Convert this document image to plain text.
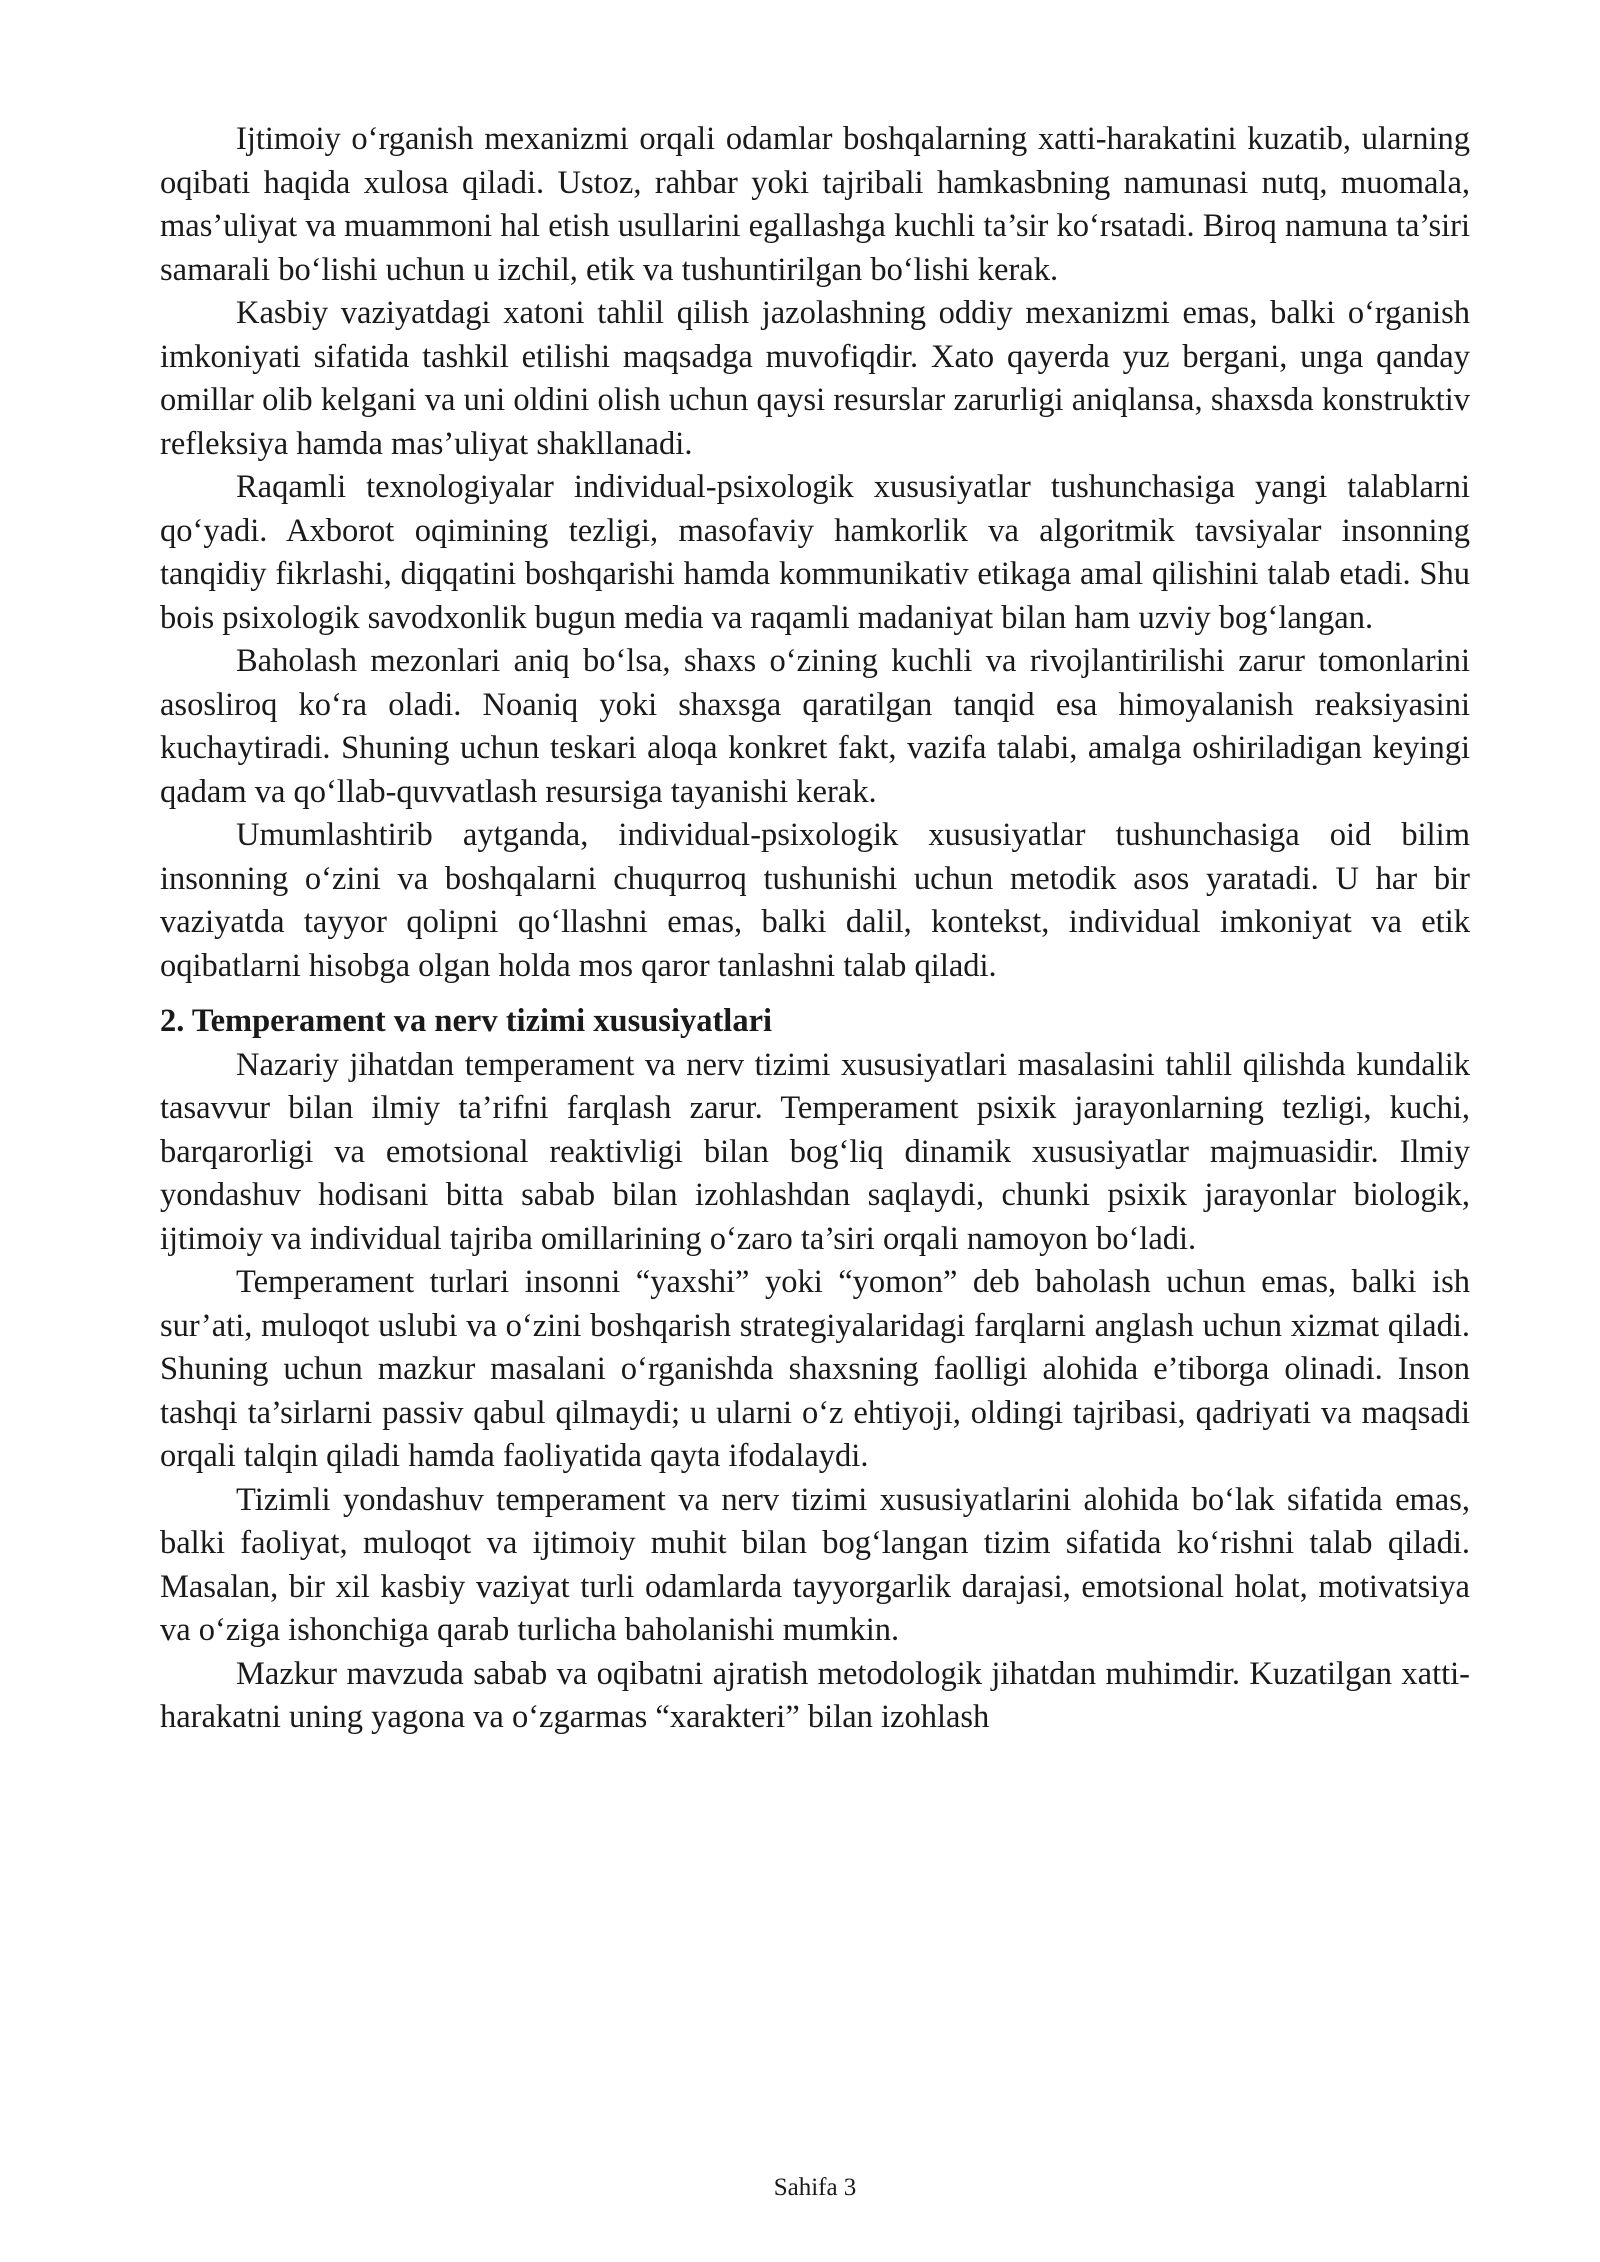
Ijtimoiy o‘rganish mexanizmi orqali odamlar boshqalarning xatti-harakatini kuzatib, ularning oqibati haqida xulosa qiladi. Ustoz, rahbar yoki tajribali hamkasbning namunasi nutq, muomala, mas’uliyat va muammoni hal etish usullarini egallashga kuchli ta’sir ko‘rsatadi. Biroq namuna ta’siri samarali bo‘lishi uchun u izchil, etik va tushuntirilgan bo‘lishi kerak.

Kasbiy vaziyatdagi xatoni tahlil qilish jazolashning oddiy mexanizmi emas, balki o‘rganish imkoniyati sifatida tashkil etilishi maqsadga muvofiqdir. Xato qayerda yuz bergani, unga qanday omillar olib kelgani va uni oldini olish uchun qaysi resurslar zarurligi aniqlansa, shaxsda konstruktiv refleksiya hamda mas’uliyat shakllanadi.

Raqamli texnologiyalar individual-psixologik xususiyatlar tushunchasiga yangi talablarni qo‘yadi. Axborot oqimining tezligi, masofaviy hamkorlik va algoritmik tavsiyalar insonning tanqidiy fikrlashi, diqqatini boshqarishi hamda kommunikativ etikaga amal qilishini talab etadi. Shu bois psixologik savodxonlik bugun media va raqamli madaniyat bilan ham uzviy bog‘langan.

Baholash mezonlari aniq bo‘lsa, shaxs o‘zining kuchli va rivojlantirilishi zarur tomonlarini asosliroq ko‘ra oladi. Noaniq yoki shaxsga qaratilgan tanqid esa himoyalanish reaksiyasini kuchaytiradi. Shuning uchun teskari aloqa konkret fakt, vazifa talabi, amalga oshiriladigan keyingi qadam va qo‘llab-quvvatlash resursiga tayanishi kerak.

Umumlashtirib aytganda, individual-psixologik xususiyatlar tushunchasiga oid bilim insonning o‘zini va boshqalarni chuqurroq tushunishi uchun metodik asos yaratadi. U har bir vaziyatda tayyor qolipni qo‘llashni emas, balki dalil, kontekst, individual imkoniyat va etik oqibatlarni hisobga olgan holda mos qaror tanlashni talab qiladi.

2. Temperament va nerv tizimi xususiyatlari

Nazariy jihatdan temperament va nerv tizimi xususiyatlari masalasini tahlil qilishda kundalik tasavvur bilan ilmiy ta’rifni farqlash zarur. Temperament psixik jarayonlarning tezligi, kuchi, barqarorligi va emotsional reaktivligi bilan bog‘liq dinamik xususiyatlar majmuasidir. Ilmiy yondashuv hodisani bitta sabab bilan izohlashdan saqlaydi, chunki psixik jarayonlar biologik, ijtimoiy va individual tajriba omillarining o‘zaro ta’siri orqali namoyon bo‘ladi.

Temperament turlari insonni “yaxshi” yoki “yomon” deb baholash uchun emas, balki ish sur’ati, muloqot uslubi va o‘zini boshqarish strategiyalaridagi farqlarni anglash uchun xizmat qiladi. Shuning uchun mazkur masalani o‘rganishda shaxsning faolligi alohida e’tiborga olinadi. Inson tashqi ta’sirlarni passiv qabul qilmaydi; u ularni o‘z ehtiyoji, oldingi tajribasi, qadriyati va maqsadi orqali talqin qiladi hamda faoliyatida qayta ifodalaydi.

Tizimli yondashuv temperament va nerv tizimi xususiyatlarini alohida bo‘lak sifatida emas, balki faoliyat, muloqot va ijtimoiy muhit bilan bog‘langan tizim sifatida ko‘rishni talab qiladi. Masalan, bir xil kasbiy vaziyat turli odamlarda tayyorgarlik darajasi, emotsional holat, motivatsiya va o‘ziga ishonchiga qarab turlicha baholanishi mumkin.

Mazkur mavzuda sabab va oqibatni ajratish metodologik jihatdan muhimdir. Kuzatilgan xatti-harakatni uning yagona va o‘zgarmas “xarakteri” bilan izohlash

Sahifa 3
